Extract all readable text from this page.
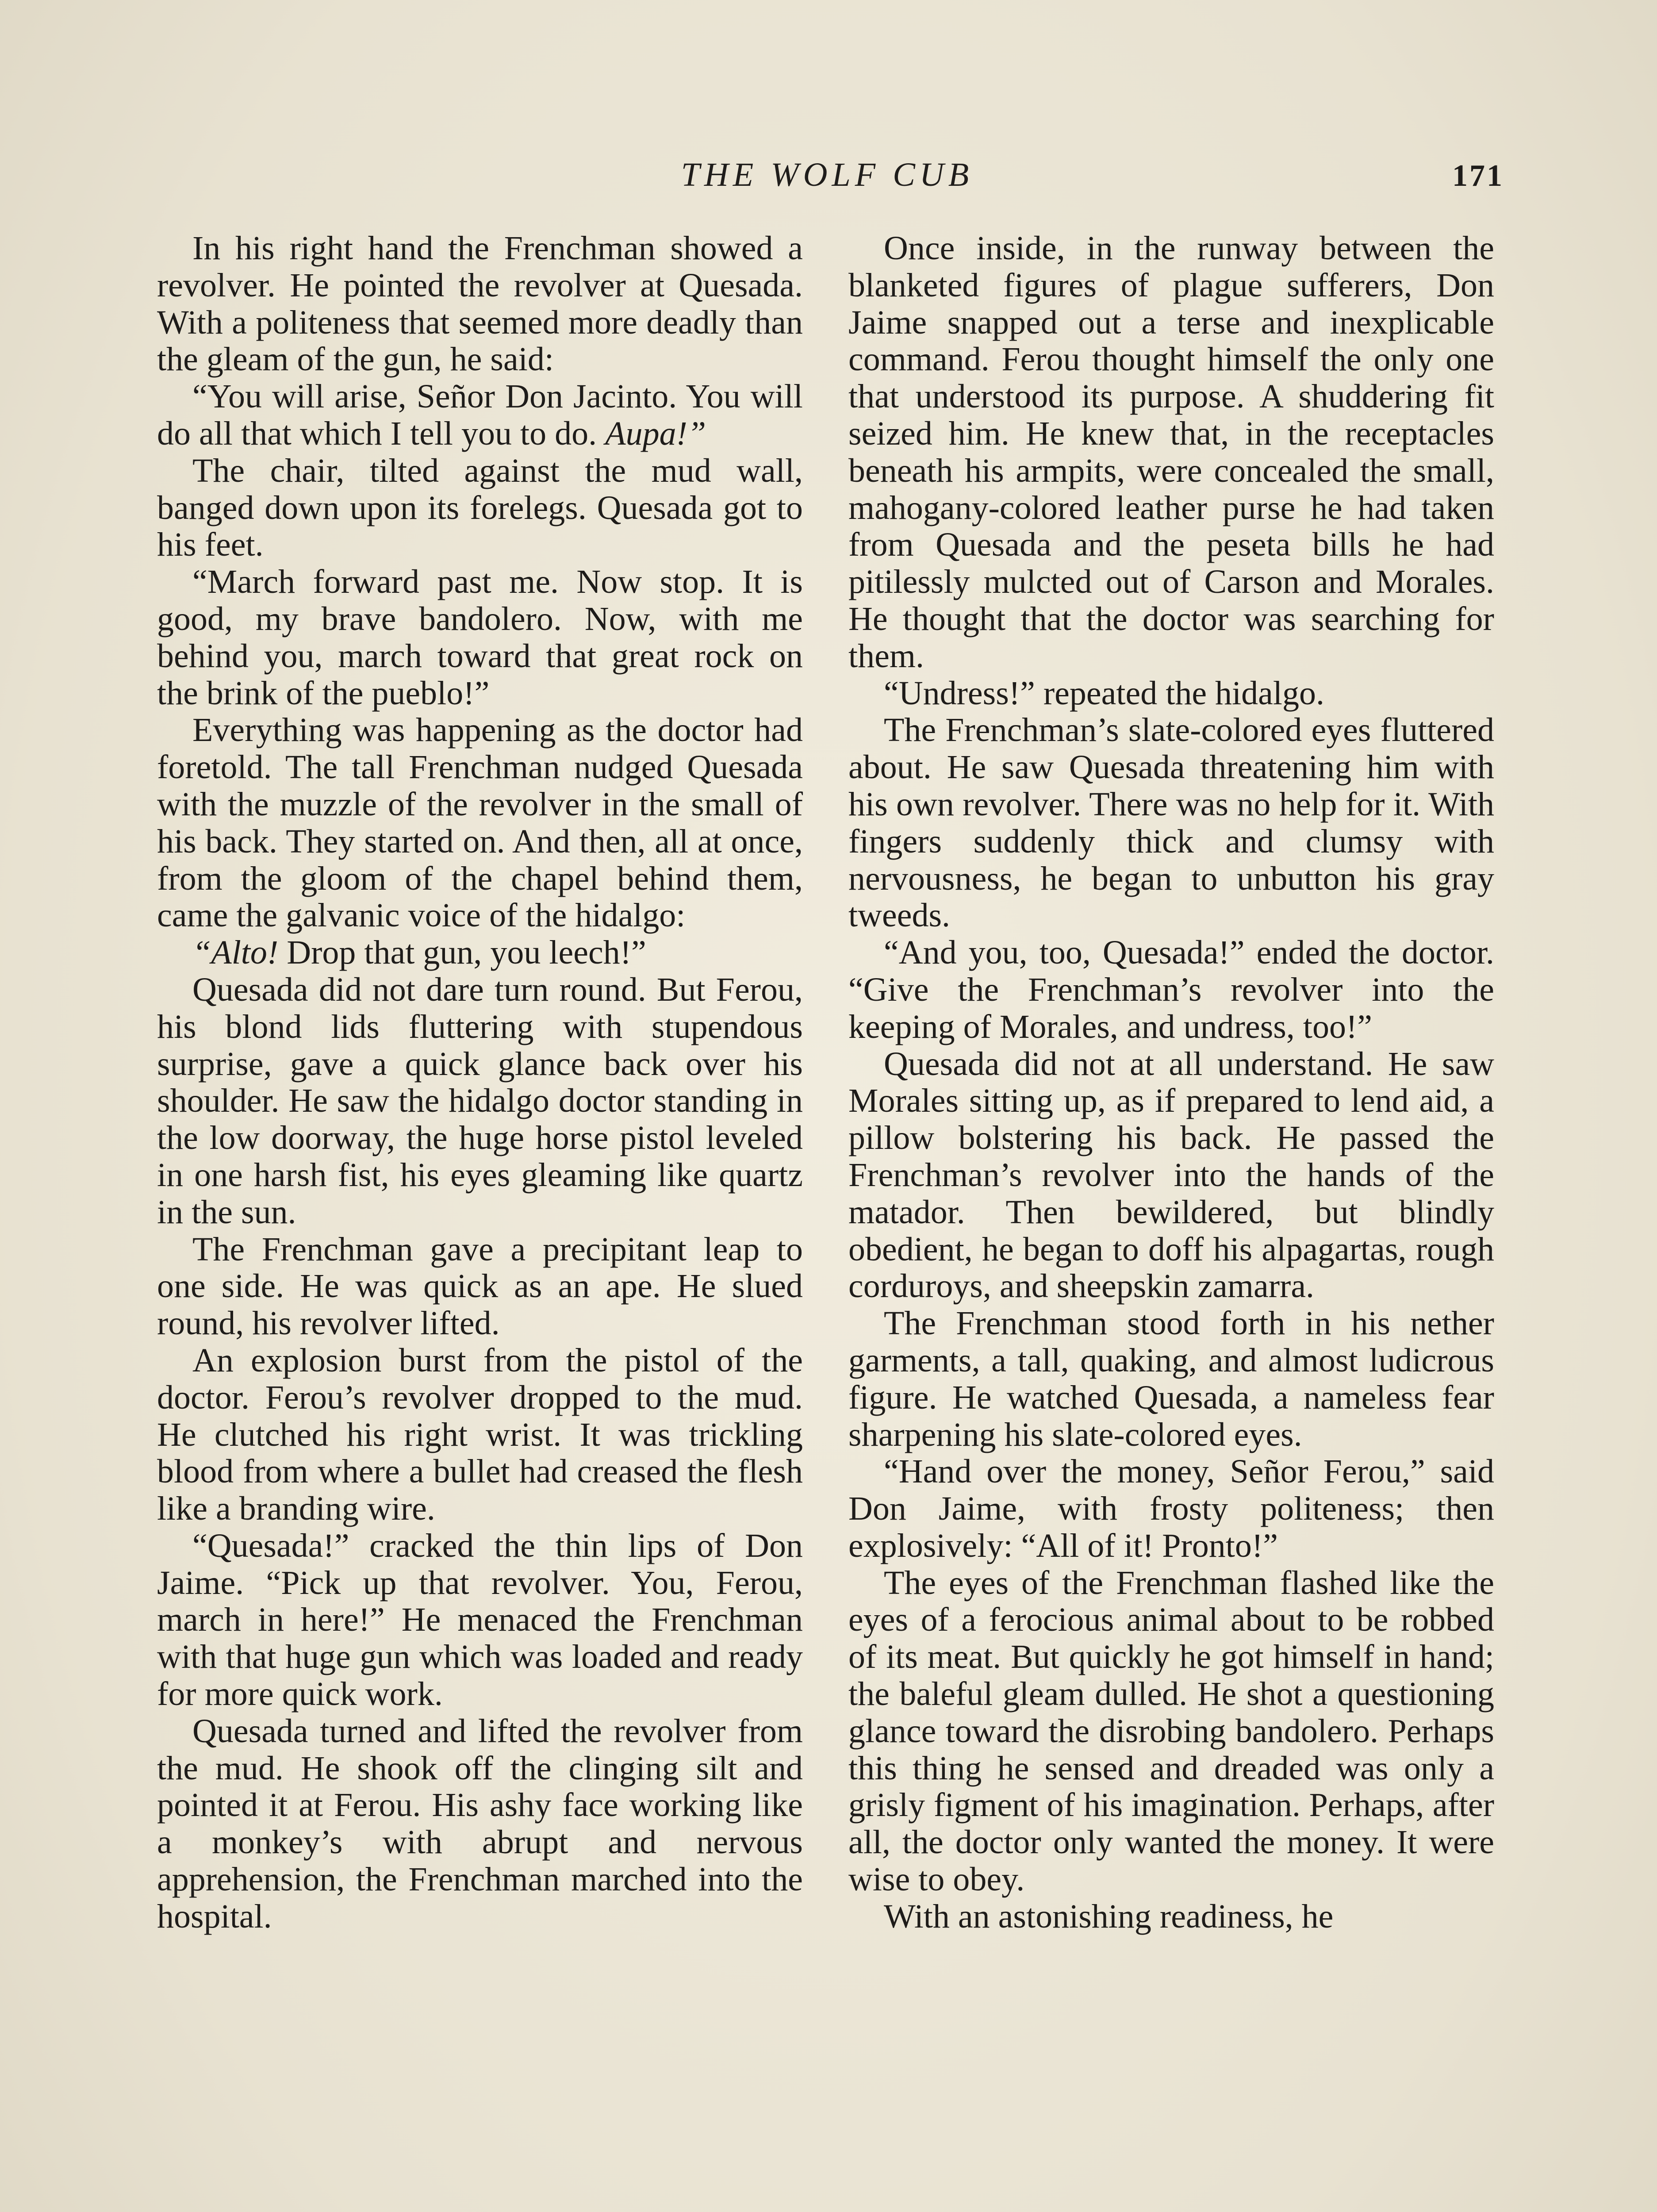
THE WOLF CUB	171

In his right hand the Frenchman showed a revolver. He pointed the revolver at Quesada. With a politeness that seemed more deadly than the gleam of the gun, he said:

“You will arise, Señor Don Jacinto. You will do all that which I tell you to do. Aupa!”

The chair, tilted against the mud wall, banged down upon its forelegs. Quesada got to his feet.

“March forward past me. Now stop. It is good, my brave bandolero. Now, with me behind you, march toward that great rock on the brink of the pueblo!”

Everything was happening as the doctor had foretold. The tall Frenchman nudged Quesada with the muzzle of the revolver in the small of his back. They started on. And then, all at once, from the gloom of the chapel behind them, came the galvanic voice of the hidalgo:

“Alto! Drop that gun, you leech!”

Quesada did not dare turn round. But Ferou, his blond lids fluttering with stupendous surprise, gave a quick glance back over his shoulder. He saw the hidalgo doctor standing in the low doorway, the huge horse pistol leveled in one harsh fist, his eyes gleaming like quartz in the sun.

The Frenchman gave a precipitant leap to one side. He was quick as an ape. He slued round, his revolver lifted.

An explosion burst from the pistol of the doctor. Ferou’s revolver dropped to the mud. He clutched his right wrist. It was trickling blood from where a bullet had creased the flesh like a branding wire.

“Quesada!” cracked the thin lips of Don Jaime. “Pick up that revolver. You, Ferou, march in here!” He menaced the Frenchman with that huge gun which was loaded and ready for more quick work.

Quesada turned and lifted the revolver from the mud. He shook off the clinging silt and pointed it at Ferou. His ashy face working like a monkey’s with abrupt and nervous apprehension, the Frenchman marched into the hospital.

Once inside, in the runway between the blanketed figures of plague sufferers, Don Jaime snapped out a terse and inexplicable command. Ferou thought himself the only one that understood its purpose. A shuddering fit seized him. He knew that, in the receptacles beneath his armpits, were concealed the small, mahogany-colored leather purse he had taken from Quesada and the peseta bills he had pitilessly mulcted out of Carson and Morales. He thought that the doctor was searching for them.

“Undress!” repeated the hidalgo.

The Frenchman’s slate-colored eyes fluttered about. He saw Quesada threatening him with his own revolver. There was no help for it. With fingers suddenly thick and clumsy with nervousness, he began to unbutton his gray tweeds.

“And you, too, Quesada!” ended the doctor. “Give the Frenchman’s revolver into the keeping of Morales, and undress, too!”

Quesada did not at all understand. He saw Morales sitting up, as if prepared to lend aid, a pillow bolstering his back. He passed the Frenchman’s revolver into the hands of the matador. Then bewildered, but blindly obedient, he began to doff his alpagartas, rough corduroys, and sheepskin zamarra.

The Frenchman stood forth in his nether garments, a tall, quaking, and almost ludicrous figure. He watched Quesada, a nameless fear sharpening his slate-colored eyes.

“Hand over the money, Señor Ferou,” said Don Jaime, with frosty politeness; then explosively: “All of it! Pronto!”

The eyes of the Frenchman flashed like the eyes of a ferocious animal about to be robbed of its meat. But quickly he got himself in hand; the baleful gleam dulled. He shot a questioning glance toward the disrobing bandolero. Perhaps this thing he sensed and dreaded was only a grisly figment of his imagination. Perhaps, after all, the doctor only wanted the money. It were wise to obey.

With an astonishing readiness, he
